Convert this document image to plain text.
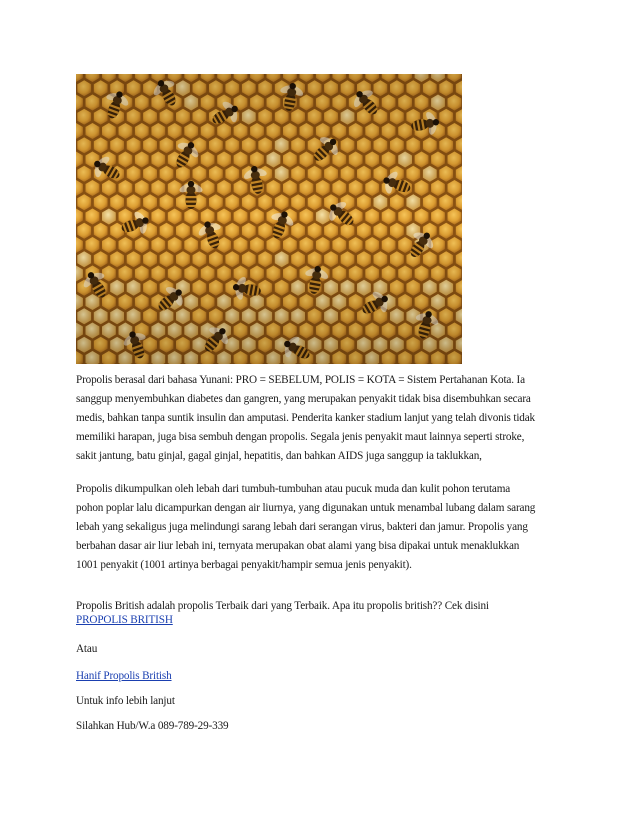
Propolis berasal dari bahasa Yunani: PRO = SEBELUM, POLIS = KOTA = Sistem Pertahanan Kota. Ia
sanggup menyembuhkan diabetes dan gangren, yang merupakan penyakit tidak bisa disembuhkan secara
medis, bahkan tanpa suntik insulin dan amputasi. Penderita kanker stadium lanjut yang telah divonis tidak
memiliki harapan, juga bisa sembuh dengan propolis. Segala jenis penyakit maut lainnya seperti stroke,
sakit jantung, batu ginjal, gagal ginjal, hepatitis, dan bahkan AIDS juga sanggup ia taklukkan,
Propolis dikumpulkan oleh lebah dari tumbuh-tumbuhan atau pucuk muda dan kulit pohon terutama
pohon poplar lalu dicampurkan dengan air liurnya, yang digunakan untuk menambal lubang dalam sarang
lebah yang sekaligus juga melindungi sarang lebah dari serangan virus, bakteri dan jamur. Propolis yang
berbahan dasar air liur lebah ini, ternyata merupakan obat alami yang bisa dipakai untuk menaklukkan
1001 penyakit (1001 artinya berbagai penyakit/hampir semua jenis penyakit).
Propolis British adalah propolis Terbaik dari yang Terbaik. Apa itu propolis british?? Cek disini
PROPOLIS BRITISH
Atau
Hanif Propolis British
Untuk info lebih lanjut
Silahkan Hub/W.a 089-789-29-339
